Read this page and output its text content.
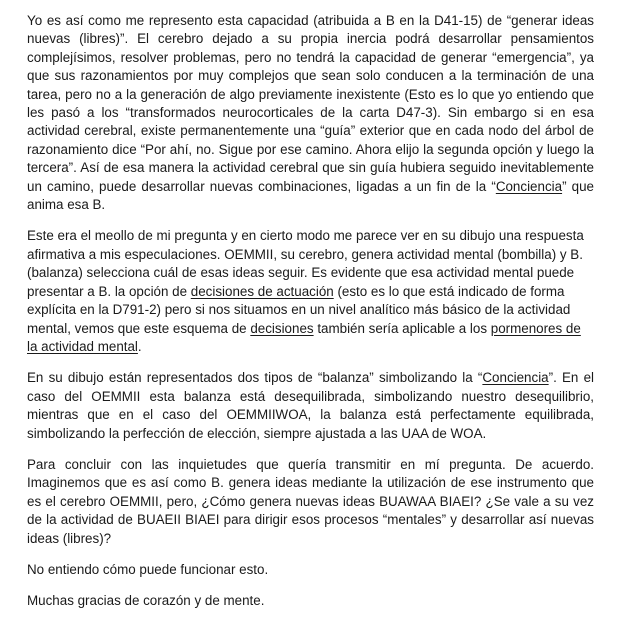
Yo es así como me represento esta capacidad (atribuida a B en la D41-15) de “generar ideas nuevas (libres)”. El cerebro dejado a su propia inercia podrá desarrollar pensamientos complejísimos, resolver problemas, pero no tendrá la capacidad de generar “emergencia”, ya que sus razonamientos por muy complejos que sean solo conducen a la terminación de una tarea, pero no a la generación de algo previamente inexistente (Esto es lo que yo entiendo que les pasó a los “transformados neurocorticales de la carta D47-3). Sin embargo si en esa actividad cerebral, existe permanentemente una “guía” exterior que en cada nodo del árbol de razonamiento dice “Por ahí, no. Sigue por ese camino. Ahora elijo la segunda opción y luego la tercera”. Así de esa manera la actividad cerebral que sin guía hubiera seguido inevitablemente un camino, puede desarrollar nuevas combinaciones, ligadas a un fin de la “Conciencia” que anima esa B.

Este era el meollo de mi pregunta y en cierto modo me parece ver en su dibujo una respuesta afirmativa a mis especulaciones. OEMMII, su cerebro, genera actividad mental (bombilla) y B. (balanza) selecciona cuál de esas ideas seguir. Es evidente que esa actividad mental puede presentar a B. la opción de decisiones de actuación (esto es lo que está indicado de forma explícita en la D791-2) pero si nos situamos en un nivel analítico más básico de la actividad mental, vemos que este esquema de decisiones también sería aplicable a los pormenores de la actividad mental.

En su dibujo están representados dos tipos de “balanza” simbolizando la “Conciencia”. En el caso del OEMMII esta balanza está desequilibrada, simbolizando nuestro desequilibrio, mientras que en el caso del OEMMIIWOA, la balanza está perfectamente equilibrada, simbolizando la perfección de elección, siempre ajustada a las UAA de WOA.

Para concluir con las inquietudes que quería transmitir en mí pregunta. De acuerdo. Imaginemos que es así como B. genera ideas mediante la utilización de ese instrumento que es el cerebro OEMMII, pero, ¿Cómo genera nuevas ideas BUAWAA BIAEI? ¿Se vale a su vez de la actividad de BUAEII BIAEI para dirigir esos procesos “mentales” y desarrollar así nuevas ideas (libres)?

No entiendo cómo puede funcionar esto.

Muchas gracias de corazón y de mente.
